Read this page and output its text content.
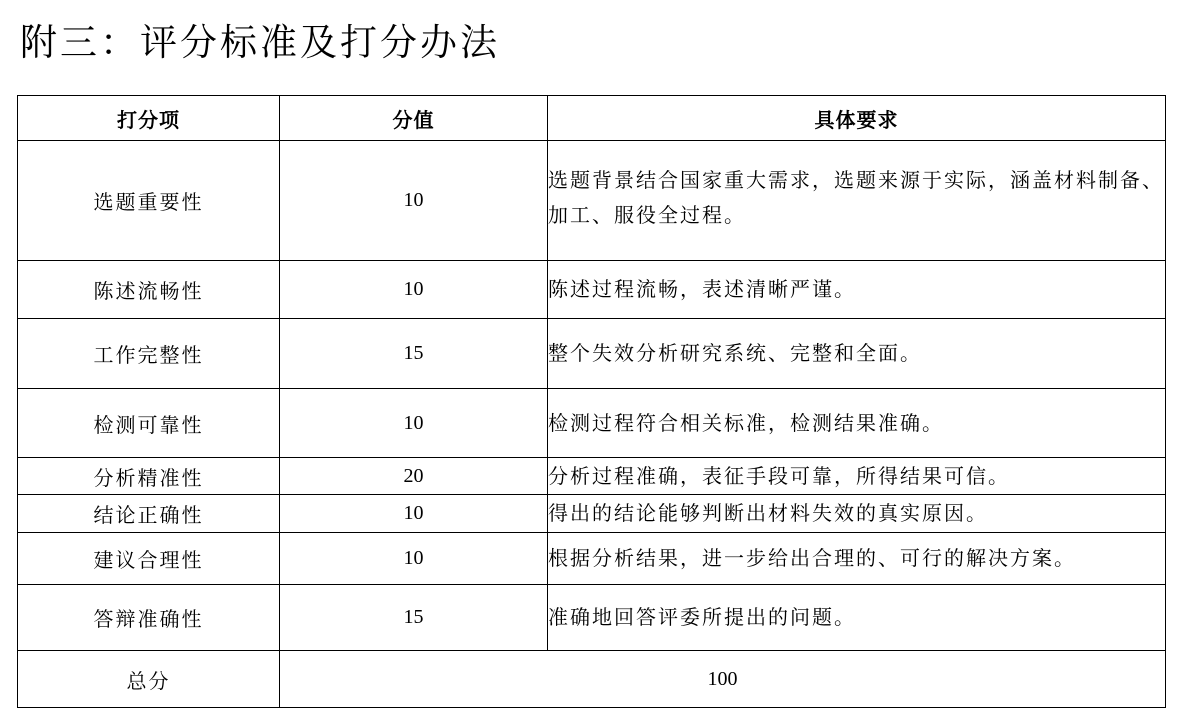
附三：评分标准及打分办法
打分项	分值	具体要求
选题重要性	10	选题背景结合国家重大需求，选题来源于实际，涵盖材料制备、加工、服役全过程。
陈述流畅性	10	陈述过程流畅，表述清晰严谨。
工作完整性	15	整个失效分析研究系统、完整和全面。
检测可靠性	10	检测过程符合相关标准，检测结果准确。
分析精准性	20	分析过程准确，表征手段可靠，所得结果可信。
结论正确性	10	得出的结论能够判断出材料失效的真实原因。
建议合理性	10	根据分析结果，进一步给出合理的、可行的解决方案。
答辩准确性	15	准确地回答评委所提出的问题。
总分	100	
